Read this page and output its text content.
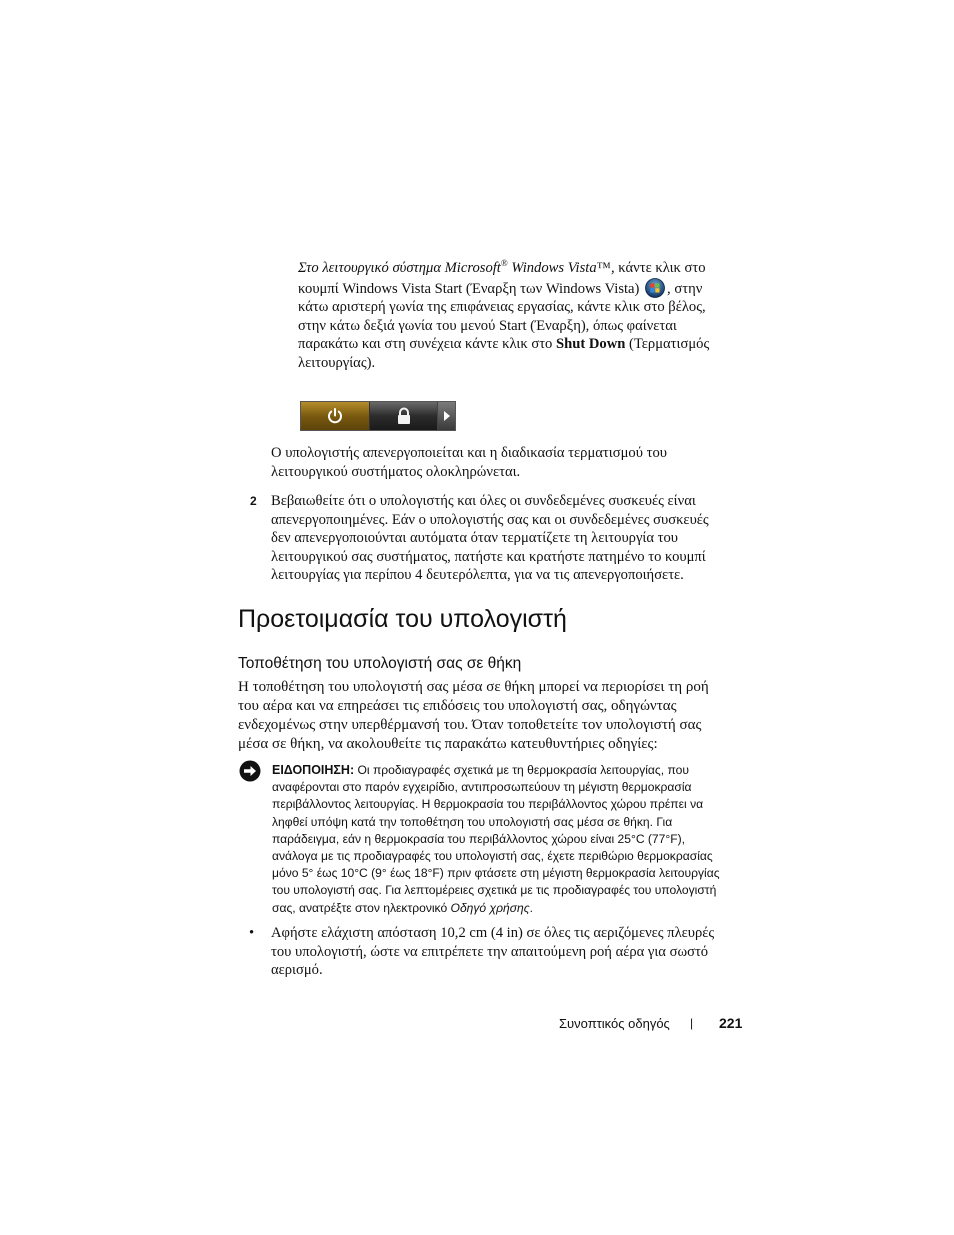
Στο λειτουργικό σύστημα Microsoft® Windows Vista™, κάντε κλικ στο
κουμπί Windows Vista Start (Έναρξη των Windows Vista) , στην
κάτω αριστερή γωνία της επιφάνειας εργασίας, κάντε κλικ στο βέλος,
στην κάτω δεξιά γωνία του μενού Start (Έναρξη), όπως φαίνεται
παρακάτω και στη συνέχεια κάντε κλικ στο Shut Down (Τερματισμός
λειτουργίας).
Ο υπολογιστής απενεργοποιείται και η διαδικασία τερματισμού του
λειτουργικού συστήματος ολοκληρώνεται.
2 Βεβαιωθείτε ότι ο υπολογιστής και όλες οι συνδεδεμένες συσκευές είναι
απενεργοποιημένες. Εάν ο υπολογιστής σας και οι συνδεδεμένες συσκευές
δεν απενεργοποιούνται αυτόματα όταν τερματίζετε τη λειτουργία του
λειτουργικού σας συστήματος, πατήστε και κρατήστε πατημένο το κουμπί
λειτουργίας για περίπου 4 δευτερόλεπτα, για να τις απενεργοποιήσετε.
Προετοιμασία του υπολογιστή
Τοποθέτηση του υπολογιστή σας σε θήκη
Η τοποθέτηση του υπολογιστή σας μέσα σε θήκη μπορεί να περιορίσει τη ροή
του αέρα και να επηρεάσει τις επιδόσεις του υπολογιστή σας, οδηγώντας
ενδεχομένως στην υπερθέρμανσή του. Όταν τοποθετείτε τον υπολογιστή σας
μέσα σε θήκη, να ακολουθείτε τις παρακάτω κατευθυντήριες οδηγίες:
ΕΙΔΟΠΟΙΗΣΗ: Οι προδιαγραφές σχετικά με τη θερμοκρασία λειτουργίας, που
αναφέρονται στο παρόν εγχειρίδιο, αντιπροσωπεύουν τη μέγιστη θερμοκρασία
περιβάλλοντος λειτουργίας. Η θερμοκρασία του περιβάλλοντος χώρου πρέπει να
ληφθεί υπόψη κατά την τοποθέτηση του υπολογιστή σας μέσα σε θήκη. Για
παράδειγμα, εάν η θερμοκρασία του περιβάλλοντος χώρου είναι 25°C (77°F),
ανάλογα με τις προδιαγραφές του υπολογιστή σας, έχετε περιθώριο θερμοκρασίας
μόνο 5° έως 10°C (9° έως 18°F) πριν φτάσετε στη μέγιστη θερμοκρασία λειτουργίας
του υπολογιστή σας. Για λεπτομέρειες σχετικά με τις προδιαγραφές του υπολογιστή
σας, ανατρέξτε στον ηλεκτρονικό Οδηγό χρήσης.
• Αφήστε ελάχιστη απόσταση 10,2 cm (4 in) σε όλες τις αεριζόμενες πλευρές
του υπολογιστή, ώστε να επιτρέπετε την απαιτούμενη ροή αέρα για σωστό
αερισμό.
Συνοπτικός οδηγός | 221
